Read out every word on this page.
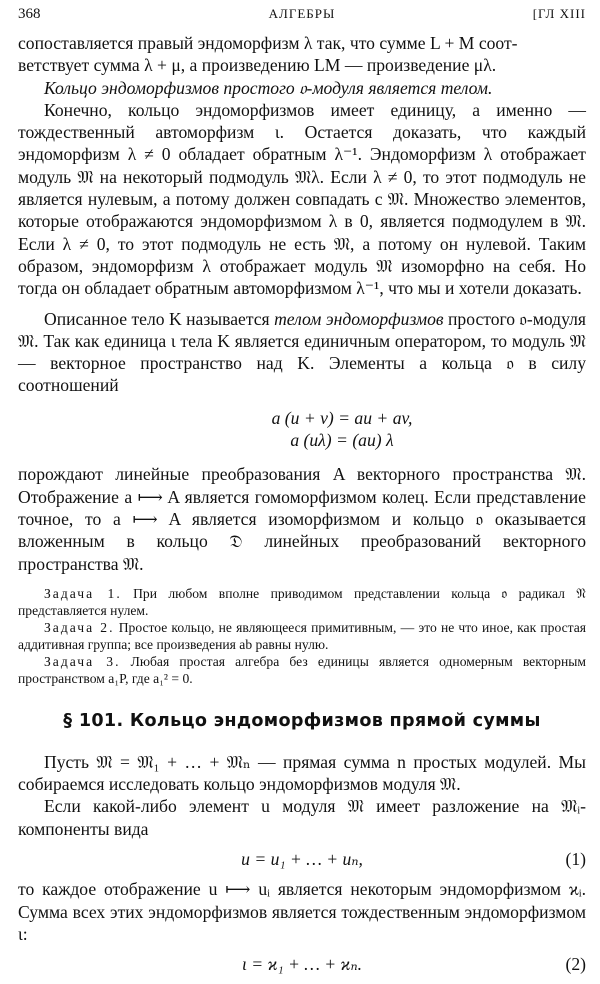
368	АЛГЕБРЫ	[ГЛ XIII

сопоставляется правый эндоморфизм λ так, что сумме L + M соот-

ветствует сумма λ + μ, а произведению LM — произведение μλ.

Кольцо эндоморфизмов простого 𝔬-модуля является телом.

Конечно, кольцо эндоморфизмов имеет единицу, а именно — тождественный автоморфизм ι. Остается доказать, что каждый эндоморфизм λ ≠ 0 обладает обратным λ⁻¹. Эндоморфизм λ отображает модуль 𝔐 на некоторый подмодуль 𝔐λ. Если λ ≠ 0, то этот подмодуль не является нулевым, а потому должен совпадать с 𝔐. Множество элементов, которые отображаются эндоморфизмом λ в 0, является подмодулем в 𝔐. Если λ ≠ 0, то этот подмодуль не есть 𝔐, а потому он нулевой. Таким образом, эндоморфизм λ отображает модуль 𝔐 изоморфно на себя. Но тогда он обладает обратным автоморфизмом λ⁻¹, что мы и хотели доказать.

Описанное тело K называется телом эндоморфизмов простого 𝔬-модуля 𝔐. Так как единица ι тела K является единичным оператором, то модуль 𝔐 — векторное пространство над K. Элементы a кольца 𝔬 в силу соотношений

a (u + v) = au + av,
a (uλ) = (au) λ

порождают линейные преобразования A векторного пространства 𝔐. Отображение a ⟼ A является гомоморфизмом колец. Если представление точное, то a ⟼ A является изоморфизмом и кольцо 𝔬 оказывается вложенным в кольцо 𝔇 линейных преобразований векторного пространства 𝔐.

Задача 1. При любом вполне приводимом представлении кольца 𝔬 радикал 𝔑 представляется нулем.

Задача 2. Простое кольцо, не являющееся примитивным, — это не что иное, как простая аддитивная группа; все произведения ab равны нулю.

Задача 3. Любая простая алгебра без единицы является одномерным векторным пространством a₁P, где a₁² = 0.

§ 101. Кольцо эндоморфизмов прямой суммы

Пусть 𝔐 = 𝔐₁ + … + 𝔐ₙ — прямая сумма n простых модулей. Мы собираемся исследовать кольцо эндоморфизмов модуля 𝔐.

Если какой-либо элемент u модуля 𝔐 имеет разложение на 𝔐ᵢ-компоненты вида

u = u₁ + … + uₙ,	(1)

то каждое отображение u ⟼ uᵢ является некоторым эндоморфизмом ϰᵢ. Сумма всех этих эндоморфизмов является тождественным эндоморфизмом ι:

ι = ϰ₁ + … + ϰₙ.	(2)
